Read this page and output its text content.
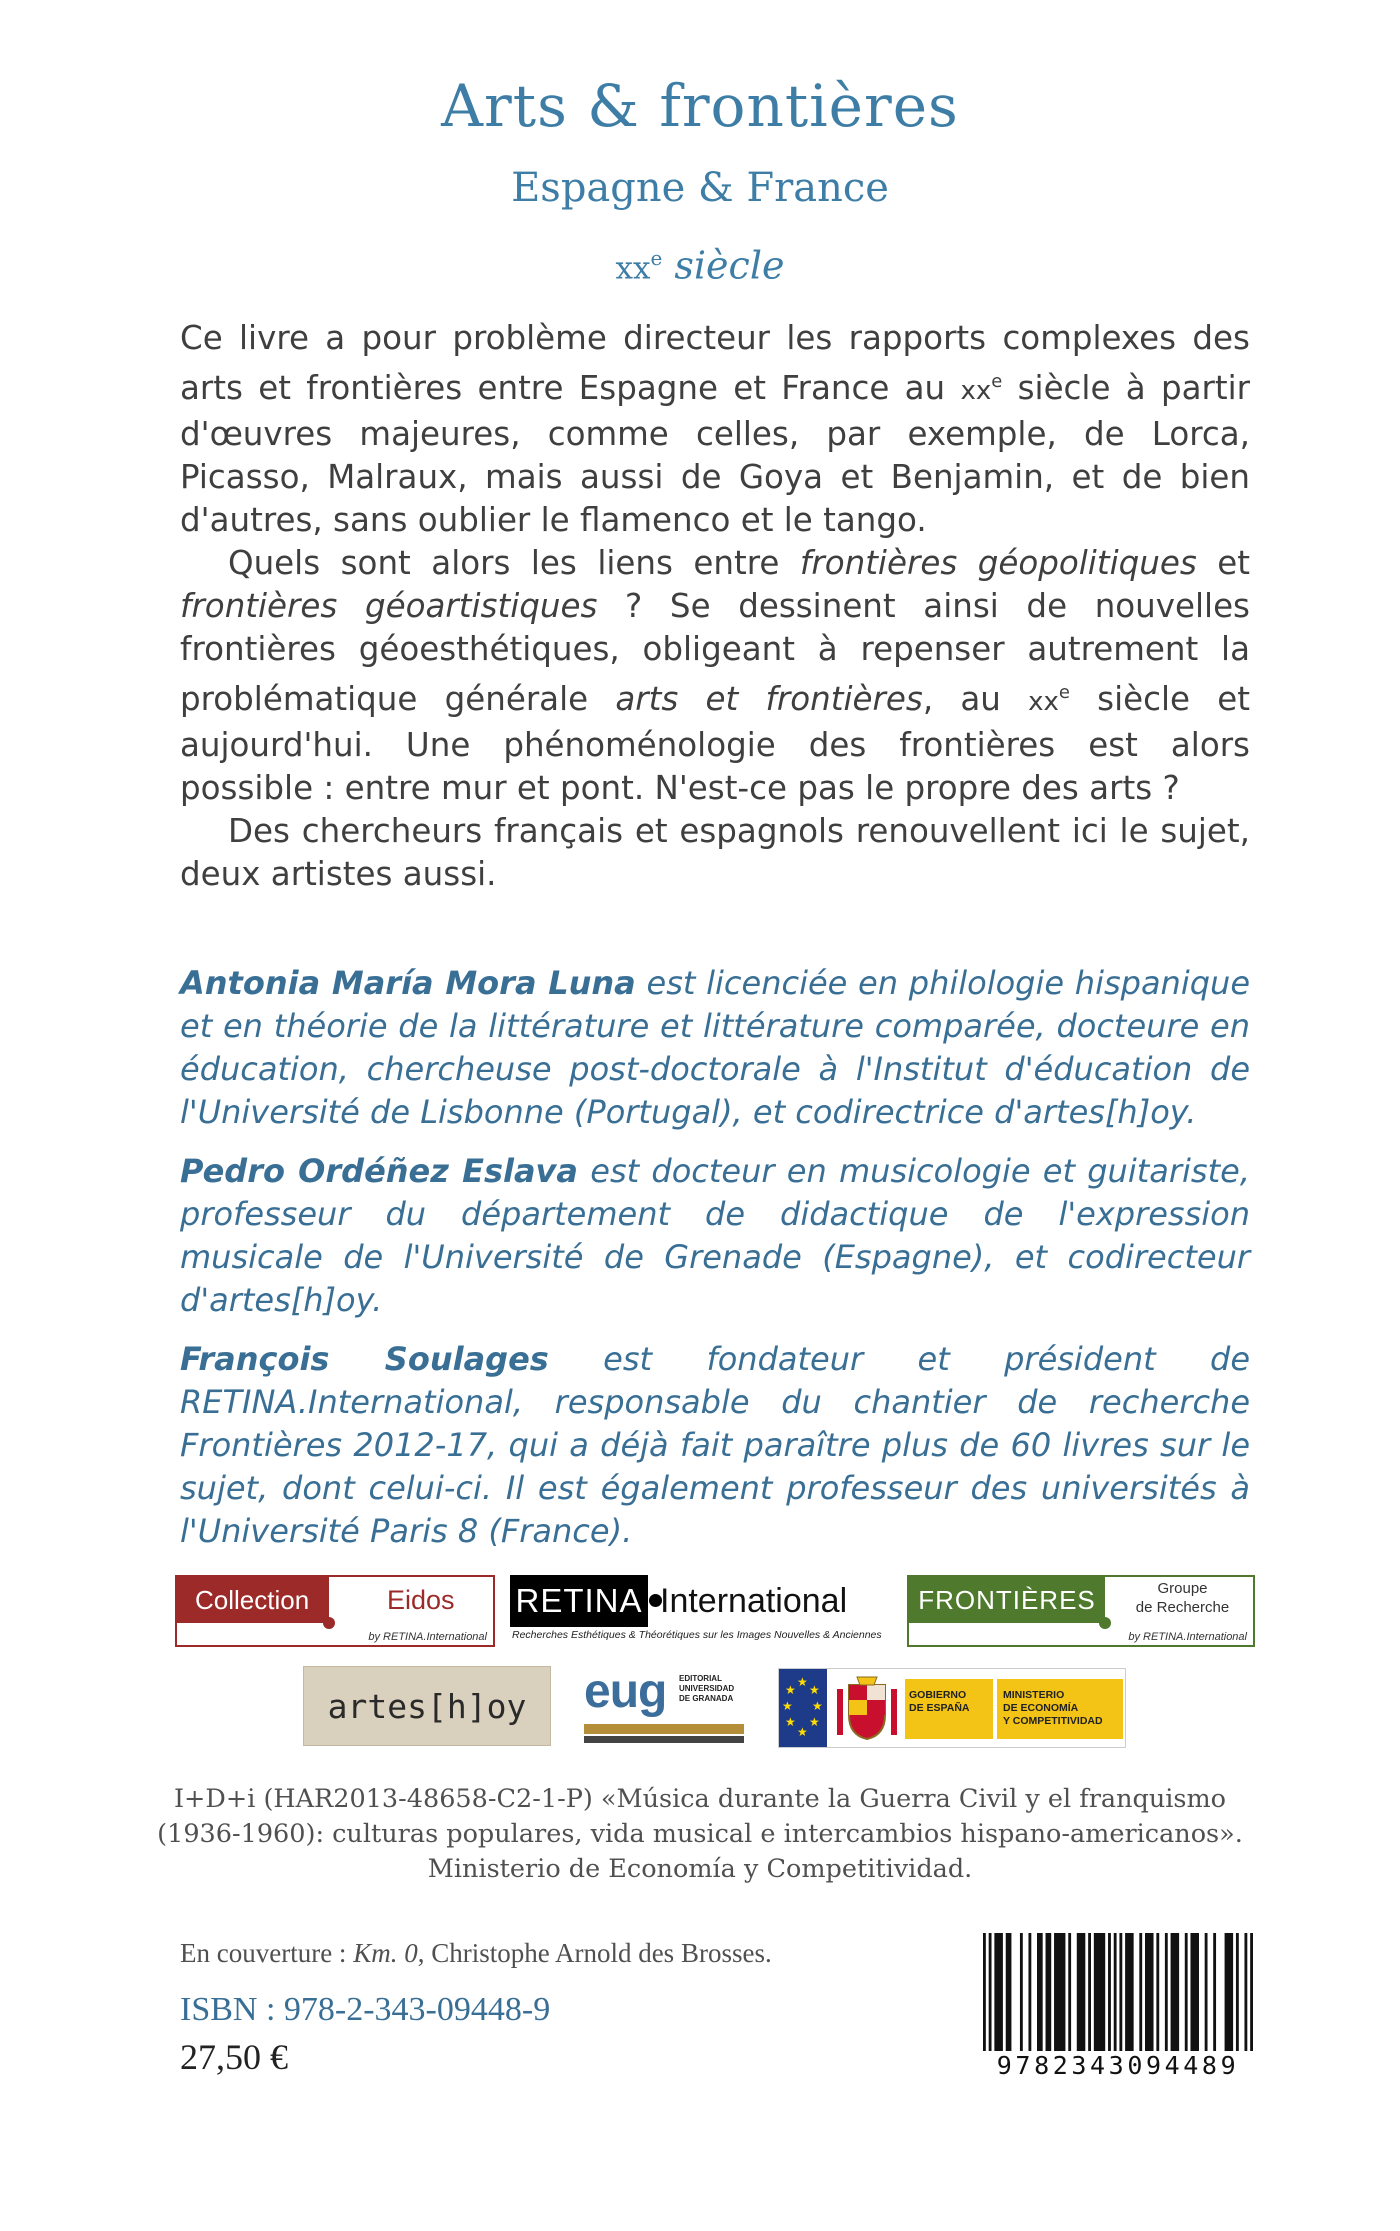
Arts & frontières

Espagne & France

$xx^e$ siècle

Ce livre a pour problème directeur les rapports complexes des arts et frontières entre Espagne et France au $xx^e$ siècle à partir d'œuvres majeures, comme celles, par exemple, de Lorca, Picasso, Malraux, mais aussi de Goya et Benjamin, et de bien d'autres, sans oublier le flamenco et le tango.

Quels sont alors les liens entre frontières géopolitiques et frontières géoartistiques ? Se dessinent ainsi de nouvelles frontières géoesthétiques, obligeant à repenser autrement la problématique générale arts et frontières, au $xx^e$ siècle et aujourd'hui. Une phénoménologie des frontières est alors possible : entre mur et pont. N'est-ce pas le propre des arts ?

Des chercheurs français et espagnols renouvellent ici le sujet, deux artistes aussi.

Antonia María Mora Luna est licenciée en philologie hispanique et en théorie de la littérature et littérature comparée, docteure en éducation, chercheuse post-doctorale à l'Institut d'éducation de l'Université de Lisbonne (Portugal), et codirectrice d'artes[h]oy.

Pedro Ordéñez Eslava est docteur en musicologie et guitariste, professeur du département de didactique de l'expression musicale de l'Université de Grenade (Espagne), et codirecteur d'artes[h]oy.

François Soulages est fondateur et président de RETINA.International, responsable du chantier de recherche Frontières 2012-17, qui a déjà fait paraître plus de 60 livres sur le sujet, dont celui-ci. Il est également professeur des universités à l'Université Paris 8 (France).

Collection	Eidos
by RETINA.International
RETINA International
Recherches Esthétiques & Théorétiques sur les Images Nouvelles & Anciennes
FRONTIÈRES	Groupe
de Recherche
by RETINA.International
artes[h]oy	eug EDITORIAL
UNIVERSIDAD
DE GRANADA
★
★
★
★
★
★
★
★	GOBIERNO
DE ESPAÑA
MINISTERIO
DE ECONOMÍA
Y COMPETITIVIDAD

I+D+i (HAR2013-48658-C2-1-P) «Música durante la Guerra Civil y el franquismo

(1936-1960): culturas populares, vida musical e intercambios hispano-americanos».

Ministerio de Economía y Competitividad.

En couverture : Km. 0, Christophe Arnold des Brosses.
ISBN : 978-2-343-09448-9
27,50 €	9782343094489
